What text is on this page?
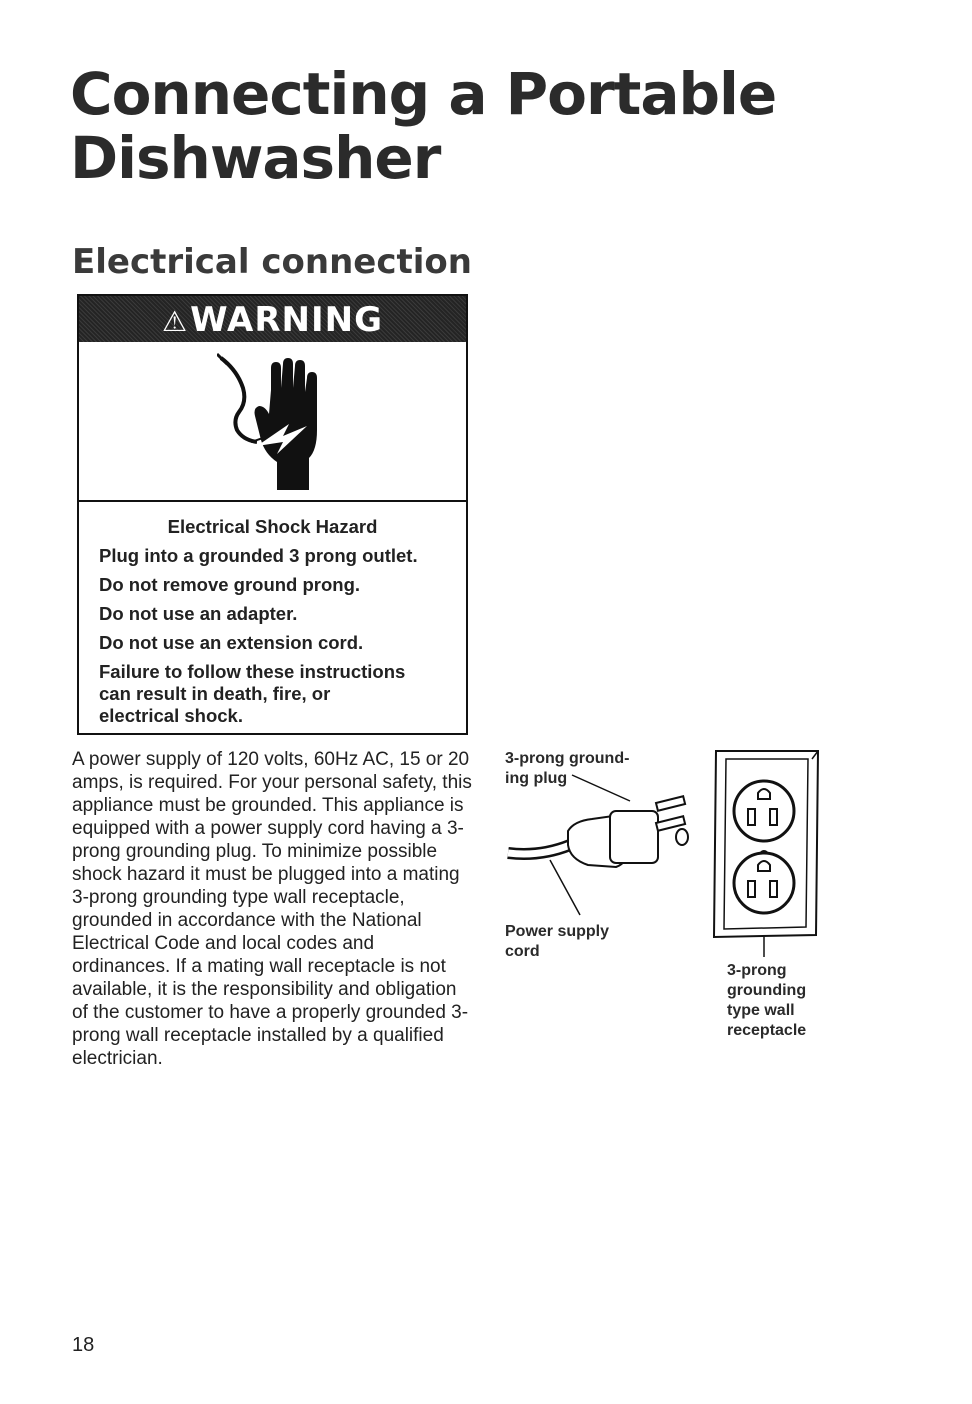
Connecting a Portable Dishwasher
Electrical connection
⚠WARNING
Electrical Shock Hazard
Plug into a grounded 3 prong outlet.
Do not remove ground prong.
Do not use an adapter.
Do not use an extension cord.
Failure to follow these instructions
can result in death, fire, or
electrical shock.
A power supply of 120 volts, 60Hz AC, 15 or 20 amps, is required. For your personal safety, this appliance must be grounded. This appliance is equipped with a power supply cord having a 3-prong grounding plug. To minimize possible shock hazard it must be plugged into a mating 3-prong grounding type wall receptacle, grounded in accordance with the National Electrical Code and local codes and ordinances. If a mating wall receptacle is not available, it is the responsibility and obligation of the customer to have a properly grounded 3-prong wall receptacle installed by a qualified electrician.
3-prong ground-
ing plug
Power supply
cord
3-prong
grounding
type wall
receptacle
18
